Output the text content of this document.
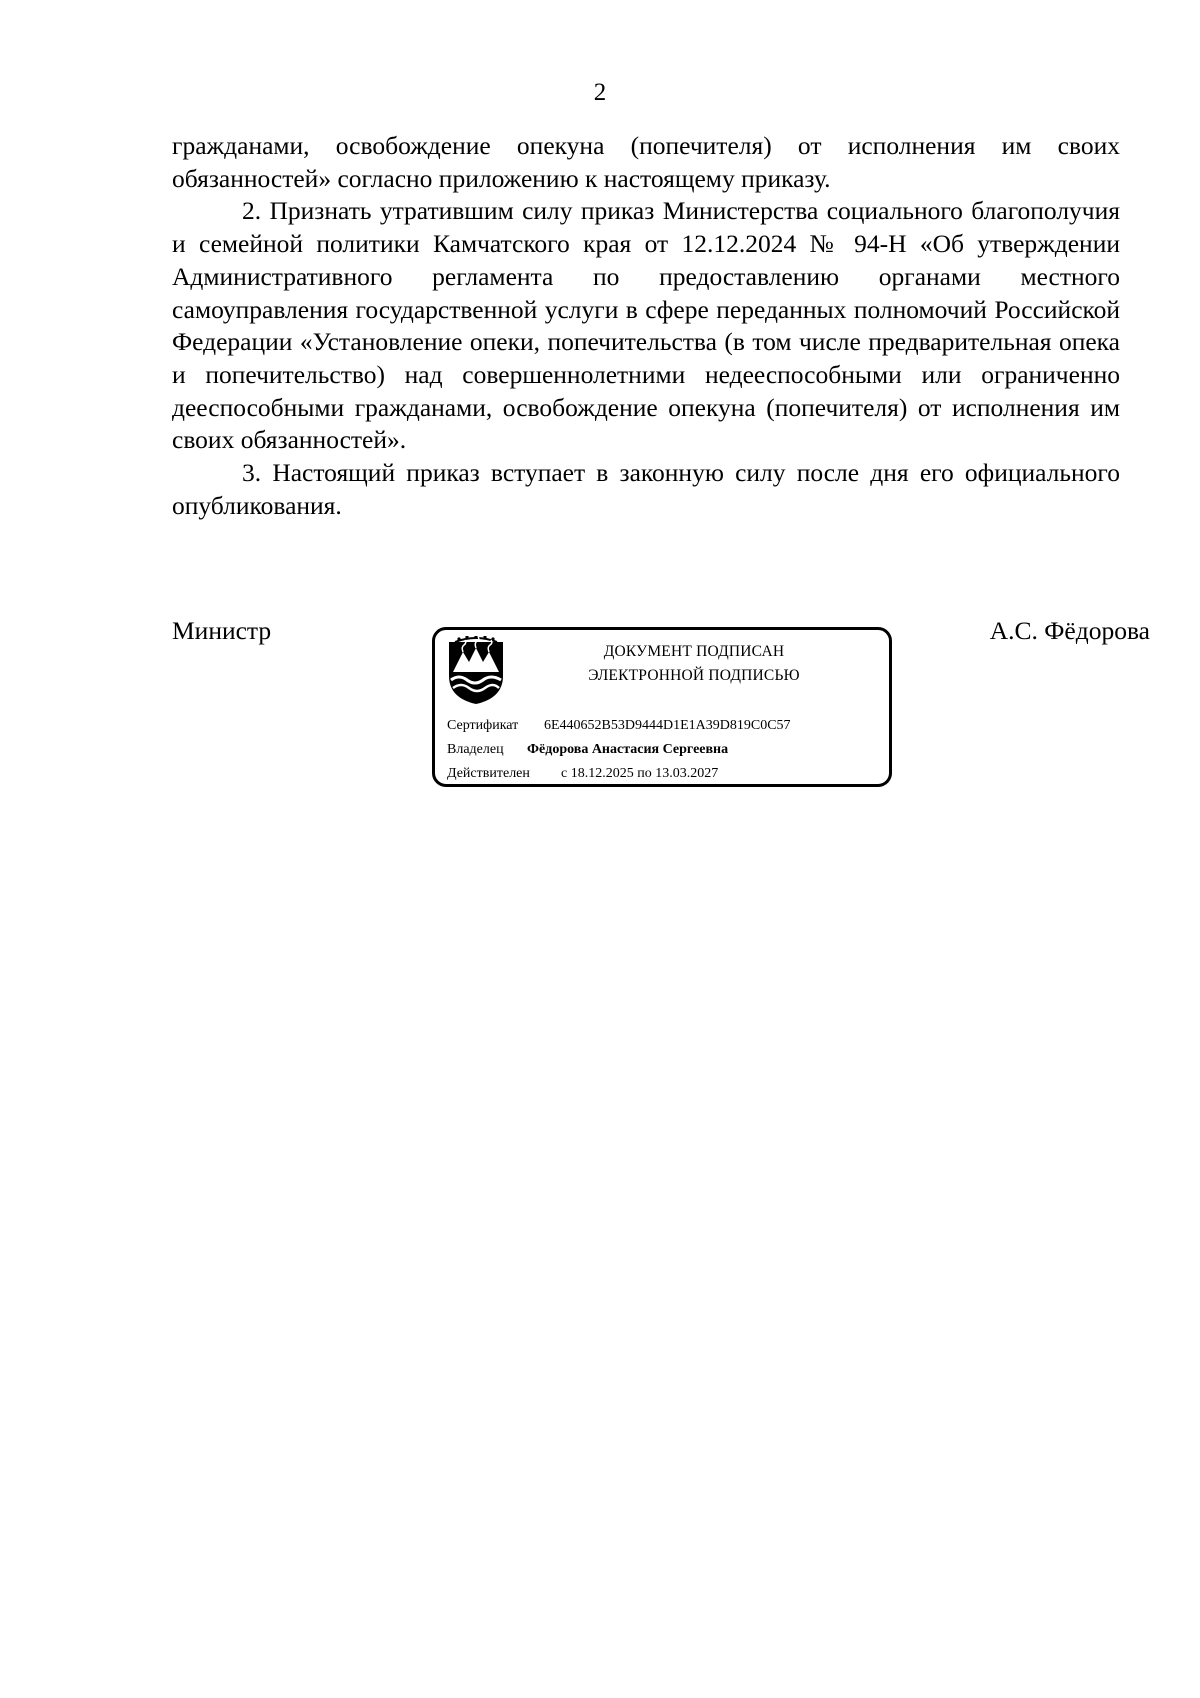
2

гражданами, освобождение опекуна (попечителя) от исполнения им своих обязанностей» согласно приложению к настоящему приказу.

2. Признать утратившим силу приказ Министерства социального благополучия и семейной политики Камчатского края от 12.12.2024 № 94-Н «Об утверждении Административного регламента по предоставлению органами местного самоуправления государственной услуги в сфере переданных полномочий Российской Федерации «Установление опеки, попечительства (в том числе предварительная опека и попечительство) над совершеннолетними недееспособными или ограниченно дееспособными гражданами, освобождение опекуна (попечителя) от исполнения им своих обязанностей».

3. Настоящий приказ вступает в законную силу после дня его официального опубликования.

Министр
ДОКУМЕНТ ПОДПИСАН
ЭЛЕКТРОННОЙ ПОДПИСЬЮ
Сертификат 6E440652B53D9444D1E1A39D819C0C57
Владелец Фёдорова Анастасия Сергеевна
Действителен с 18.12.2025 по 13.03.2027
А.С. Фёдорова
